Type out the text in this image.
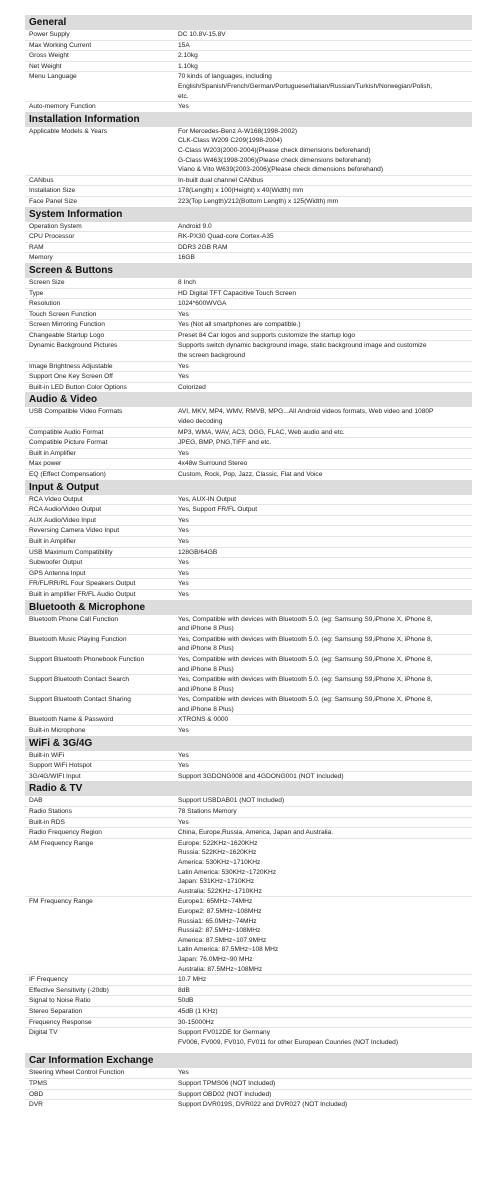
General
Power Supply	DC 10.8V-15.8V
Max Working Current	15A
Gross Weight	2.10kg
Net Weight	1.10kg
Menu Language	70 kinds of languages, including
English/Spanish/French/German/Portuguese/Italian/Russian/Turkish/Norwegian/Polish,
etc.
Auto-memory Function	Yes
Installation Information
Applicable Models & Years	For Mercedes-Benz A-W168(1998-2002)
CLK-Class W209 C209(1998-2004)
C-Class W203(2000-2004)(Please check dimensions beforehand)
G-Class W463(1998-2006)(Please check dimensions beforehand)
Viano & Vito W639(2003-2006)(Please check dimensions beforehand)
CANbus	In-built dual channel CANbus
Installation Size	178(Length) x 100(Height) x 40(Width) mm
Face Panel Size	223(Top Length)/212(Bottom Length) x 125(Width) mm
System Information
Operation System	Android 9.0
CPU Processor	RK-PX30 Quad-core Cortex-A35
RAM	DDR3 2GB RAM
Memory	16GB
Screen & Buttons
Screen Size	8 Inch
Type	HD Digital TFT Capacitive Touch Screen
Resolution	1024*600WVGA
Touch Screen Function	Yes
Screen Mirroring Function	Yes (Not all smartphones are compatible.)
Changeable Startup Logo	Preset 84 Car logos and supports customize the startup logo
Dynamic Background Pictures	Supports switch dynamic background image, static background image and customize
the screen background
Image Brightness Adjustable	Yes
Support One Key Screen Off	Yes
Built-in LED Button Color Options	Colorized
Audio & Video
USB Compatible Video Formats	AVI, MKV, MP4, WMV, RMVB, MPG...All Android videos formats, Web video and 1080P
video decoding
Compatible Audio Format	MP3, WMA, WAV, AC3, OGG, FLAC, Web audio and etc.
Compatible Picture Format	JPEG, BMP, PNG,TIFF and etc.
Built in Amplifier	Yes
Max power	4x48w Surround Stereo
EQ (Effect Compensation)	Custom, Rock, Pop, Jazz, Classic, Flat and Voice
Input & Output
RCA Video Output	Yes, AUX-IN Output
RCA Audio/Video Output	Yes, Support FR/FL Output
AUX Audio/Video Input	Yes
Reversing Camera Video Input	Yes
Built in Amplifier	Yes
USB Maximum Compatibility	128GB/64GB
Subwoofer Output	Yes
GPS Antenna Input	Yes
FR/FL/RR/RL Four Speakers Output	Yes
Built in amplifier FR/FL Audio Output	Yes
Bluetooth & Microphone
Bluetooth Phone Call Function	Yes, Compatible with devices with Bluetooth 5.0. (eg: Samsung S9,iPhone X, iPhone 8,
and iPhone 8 Plus)
Bluetooth Music Playing Function	Yes, Compatible with devices with Bluetooth 5.0. (eg: Samsung S9,iPhone X, iPhone 8,
and iPhone 8 Plus)
Support Bluetooth Phonebook Function	Yes, Compatible with devices with Bluetooth 5.0. (eg: Samsung S9,iPhone X, iPhone 8,
and iPhone 8 Plus)
Support Bluetooth Contact Search	Yes, Compatible with devices with Bluetooth 5.0. (eg: Samsung S9,iPhone X, iPhone 8,
and iPhone 8 Plus)
Support Bluetooth Contact Sharing	Yes, Compatible with devices with Bluetooth 5.0. (eg: Samsung S9,iPhone X, iPhone 8,
and iPhone 8 Plus)
Bluetooth Name & Password	XTRONS & 0000
Built-in Microphone	Yes
WiFi & 3G/4G
Built-in WiFi	Yes
Support WiFi Hotspot	Yes
3G/4G/WIFI Input	Support 3GDONG008 and 4GDONG001 (NOT Included)
Radio & TV
DAB	Support USBDAB01 (NOT Included)
Radio Stations	78 Stations Memory
Built-in RDS	Yes
Radio Frequency Region	China, Europe,Russia, America, Japan and Australia.
AM Frequency Range	Europe: 522KHz~1620KHz
Russia: 522KHz~1620KHz
America: 530KHz~1710KHz
Latin America: 530KHz~1720KHz
Japan: 531KHz~1710KHz
Australia: 522KHz~1710KHz
FM Frequency Range	Europe1: 65MHz~74MHz
Europe2: 87.5MHz~108MHz
Russia1: 65.0MHz~74MHz
Russia2: 87.5MHz~108MHz
America: 87.5MHz~107.9MHz
Latin America: 87.5MHz~108 MHz
Japan: 76.0MHz~90 MHz
Australia: 87.5MHz~108MHz
IF Frequency	10.7 MHz
Effective Sensitivity (-20db)	8dB
Signal to Noise Ratio	50dB
Stereo Separation	45dB (1 KHz)
Frequency Response	30-15000Hz
Digital TV	Support FV012DE for Germany
FV006, FV009, FV010, FV011 for other European Counries (NOT Included)
Car Information Exchange
Steering Wheel Control Function	Yes
TPMS	Support TPMS06 (NOT Included)
OBD	Support OBD02 (NOT Included)
DVR	Support DVR019S, DVR022 and DVR027 (NOT Included)
